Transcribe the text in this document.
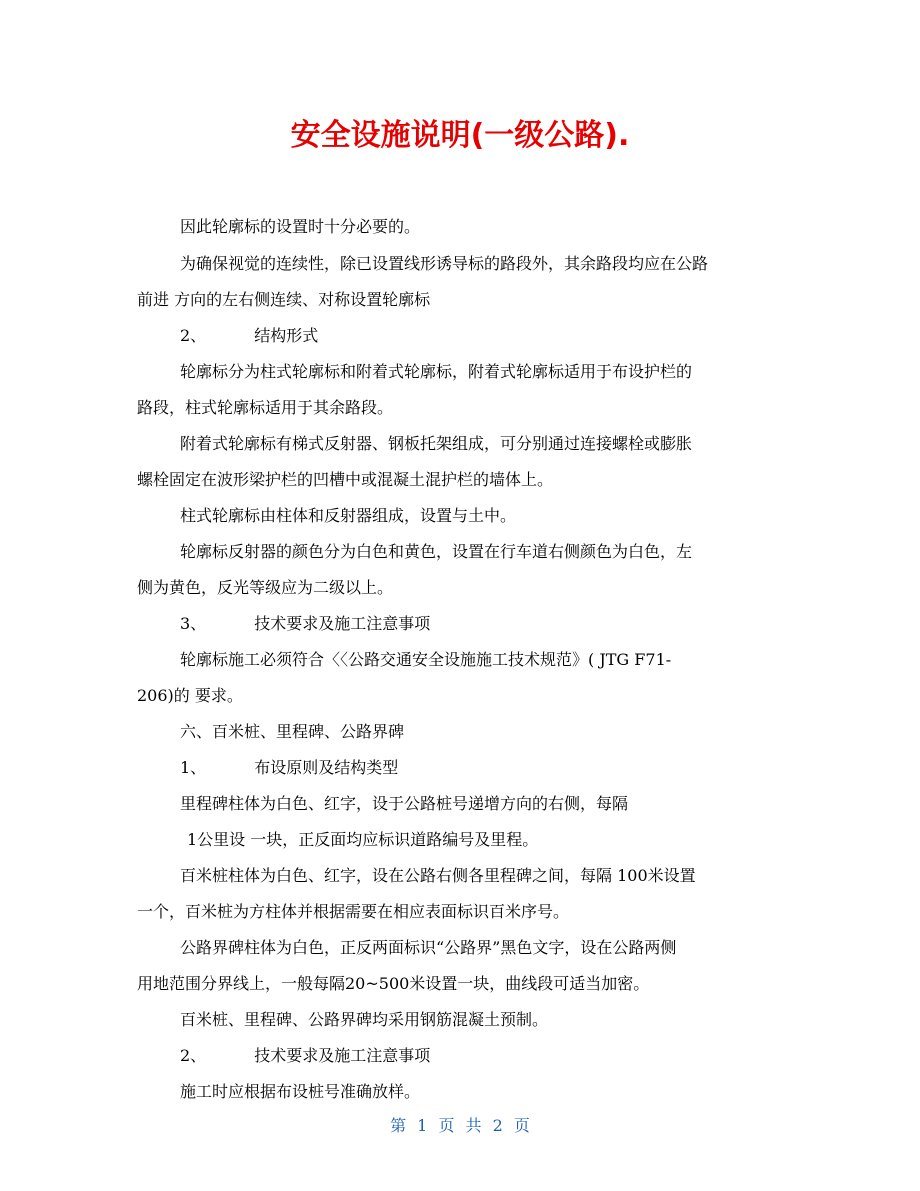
安全设施说明(一级公路).
因此轮廓标的设置时十分必要的。
为确保视觉的连续性，除已设置线形诱导标的路段外，其余路段均应在公路
前进 方向的左右侧连续、对称设置轮廓标
2、	结构形式
轮廓标分为柱式轮廓标和附着式轮廓标，附着式轮廓标适用于布设护栏的
路段，柱式轮廓标适用于其余路段。
附着式轮廓标有梯式反射器、钢板托架组成，可分别通过连接螺栓或膨胀
螺栓固定在波形梁护栏的凹槽中或混凝土混护栏的墙体上。
柱式轮廓标由柱体和反射器组成，设置与土中。
轮廓标反射器的颜色分为白色和黄色，设置在行车道右侧颜色为白色，左
侧为黄色，反光等级应为二级以上。
3、	技术要求及施工注意事项
轮廓标施工必须符合〈〈公路交通安全设施施工技术规范》( JTG F71-
206)的 要求。
六、百米桩、里程碑、公路界碑
1、	布设原则及结构类型
里程碑柱体为白色、红字，设于公路桩号递增方向的右侧，每隔
1公里设 一块，正反面均应标识道路编号及里程。
百米桩柱体为白色、红字，设在公路右侧各里程碑之间，每隔 100米设置
一个，百米桩为方柱体并根据需要在相应表面标识百米序号。
公路界碑柱体为白色，正反两面标识“公路界”黑色文字，设在公路两侧
用地范围分界线上，一般每隔20~500米设置一块，曲线段可适当加密。
百米桩、里程碑、公路界碑均采用钢筋混凝土预制。
2、	技术要求及施工注意事项
施工时应根据布设桩号准确放样。
第 1 页 共 2 页
